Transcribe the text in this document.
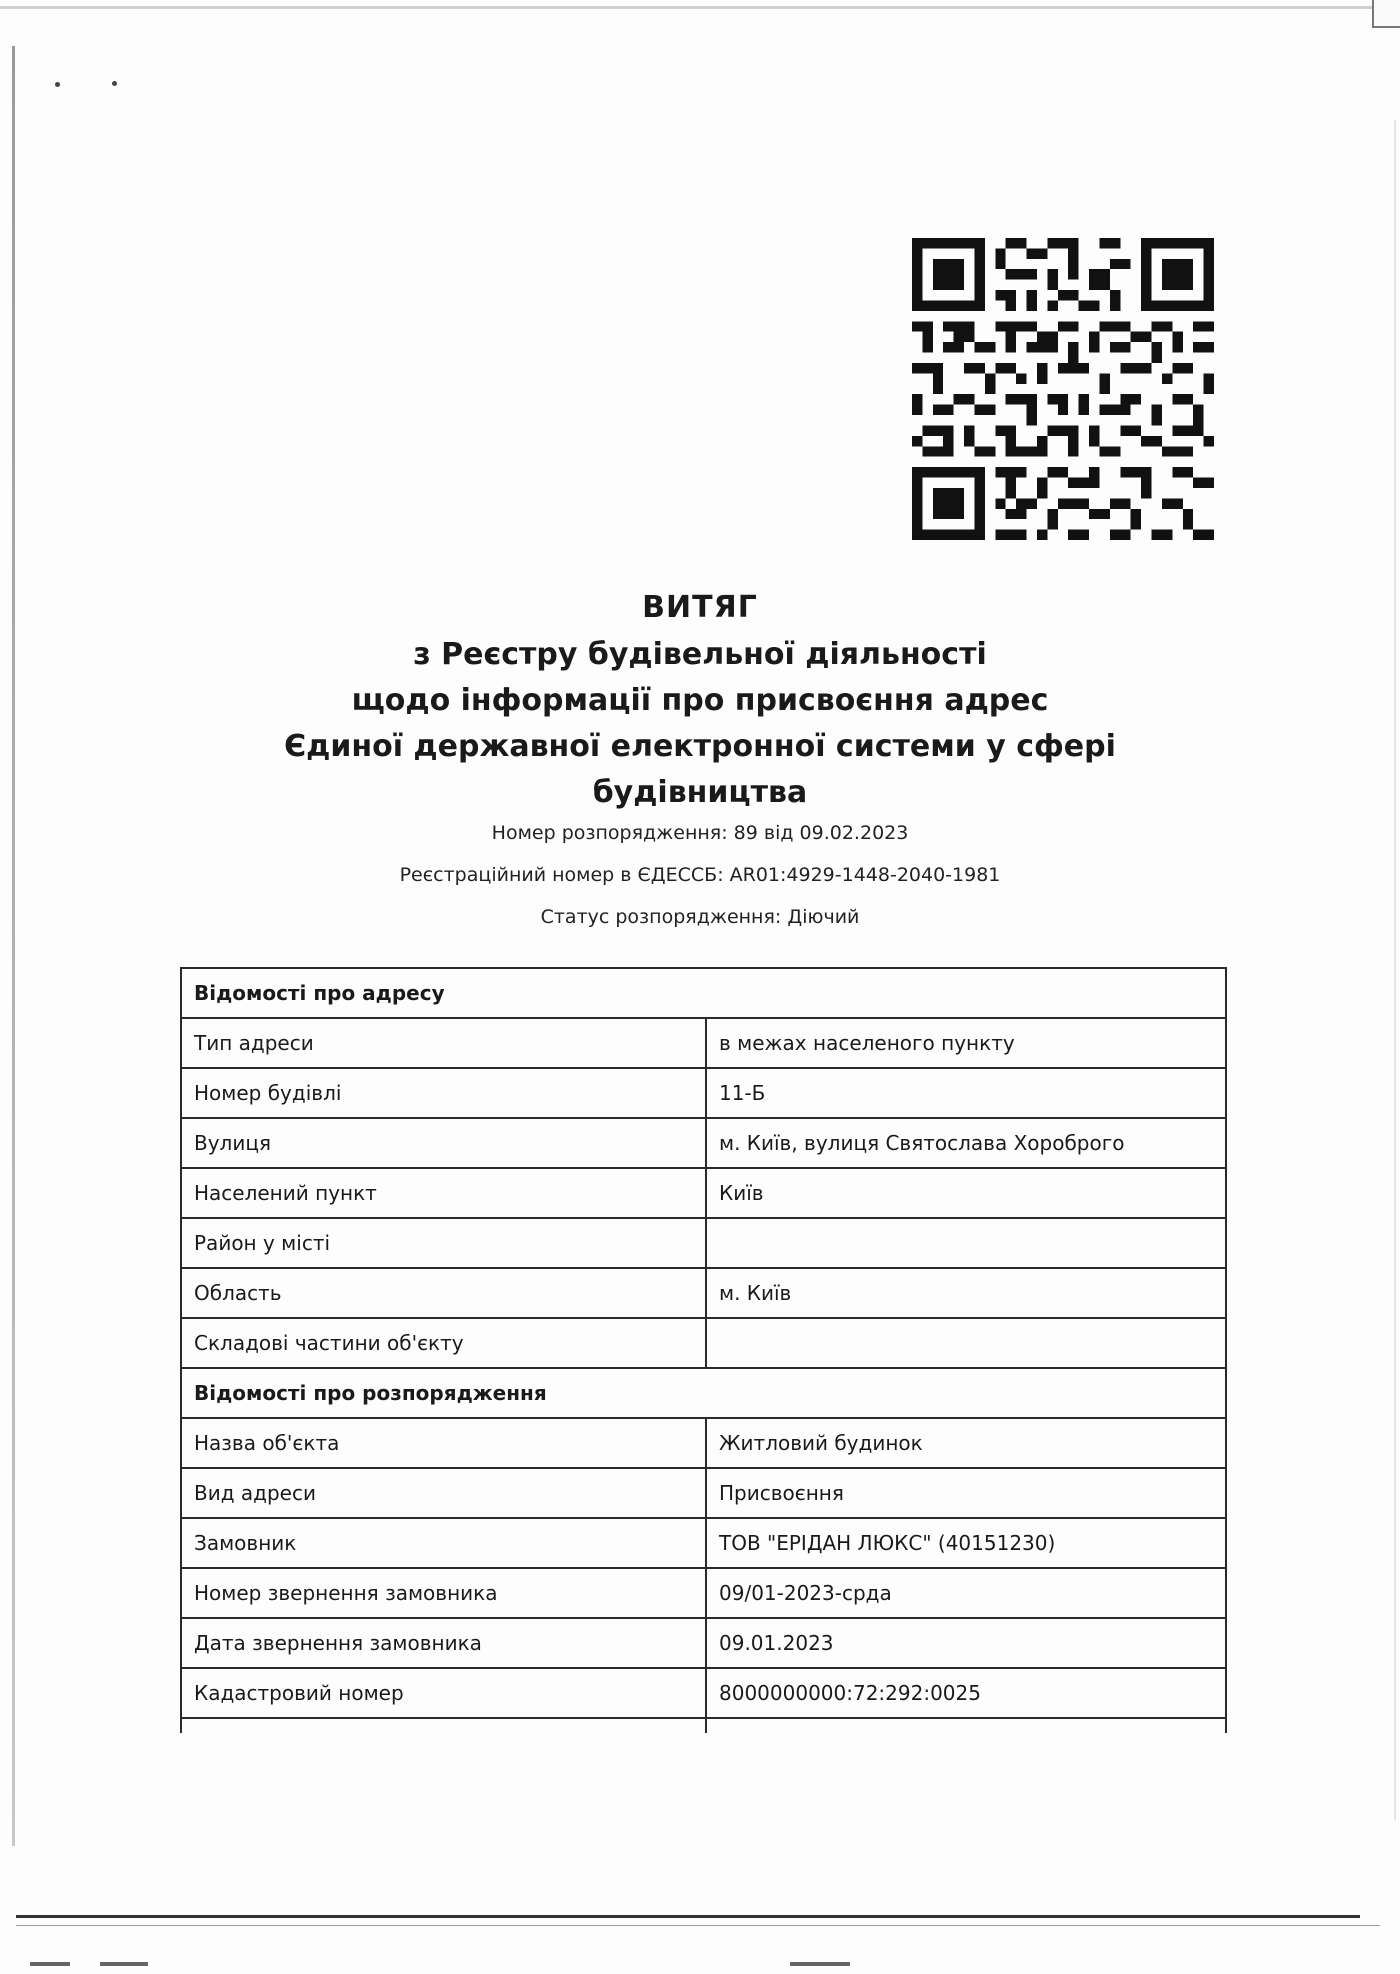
ВИТЯГ

з Реєстру будівельної діяльності

щодо інформації про присвоєння адрес

Єдиної державної електронної системи у сфері

будівництва

Номер розпорядження: 89 від 09.02.2023

Реєстраційний номер в ЄДЕССБ: AR01:4929-1448-2040-1981

Статус розпорядження: Діючий

Відомості про адресу	
Тип адреси	в межах населеного пункту
Номер будівлі	11-Б
Вулиця	м. Київ, вулиця Святослава Хороброго
Населений пункт	Київ
Район у місті	
Область	м. Київ
Складові частини об'єкту	
Відомості про розпорядження	
Назва об'єкта	Житловий будинок
Вид адреси	Присвоєння
Замовник	ТОВ "ЕРІДАН ЛЮКС" (40151230)
Номер звернення замовника	09/01-2023-срда
Дата звернення замовника	09.01.2023
Кадастровий номер	8000000000:72:292:0025
